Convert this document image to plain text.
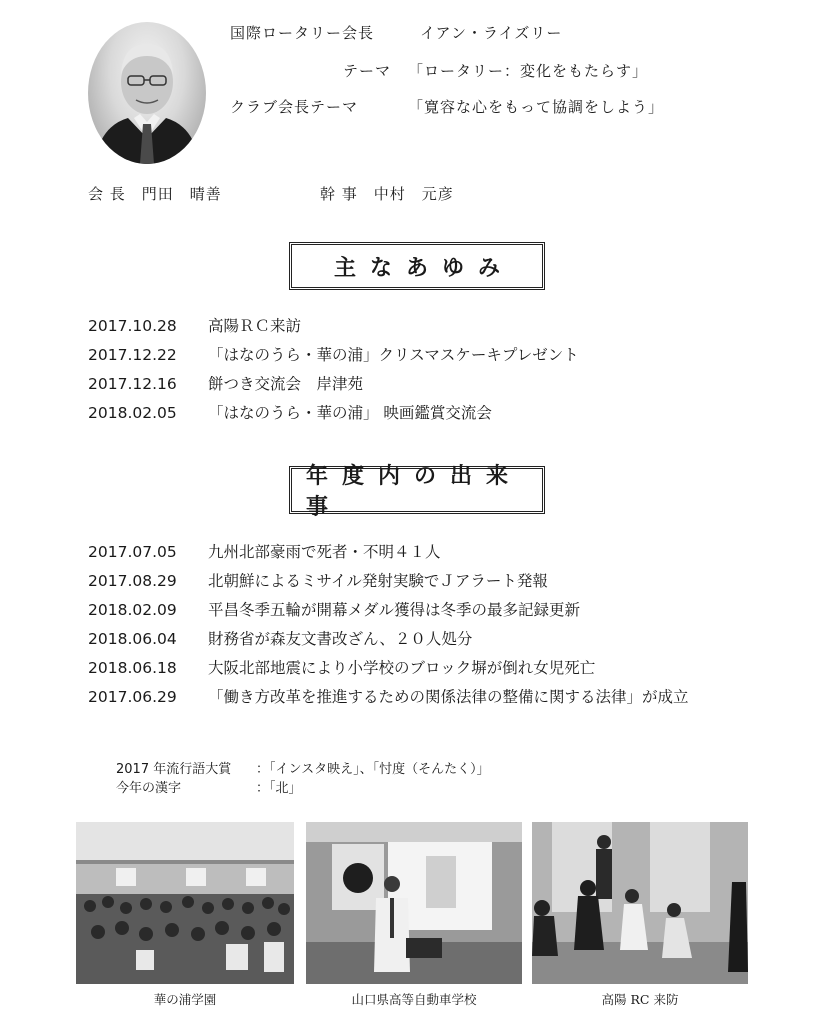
国際ロータリー会長	イアン・ライズリー
テーマ 「ロータリー：変化をもたらす」
クラブ会長テーマ	「寛容な心をもって協調をしよう」
会 長　門田　晴善	幹 事　中村　元彦
主なあゆみ
2017.10.28 高陽ＲＣ来訪
2017.12.22 「はなのうら・華の浦」クリスマスケーキプレゼント
2017.12.16 餅つき交流会　岸津苑
2018.02.05 「はなのうら・華の浦」 映画鑑賞交流会
年度内の出来事
2017.07.05 九州北部豪雨で死者・不明４１人
2017.08.29 北朝鮮によるミサイル発射実験でＪアラート発報
2018.02.09 平昌冬季五輪が開幕メダル獲得は冬季の最多記録更新
2018.06.04 財務省が森友文書改ざん、２０人処分
2018.06.18 大阪北部地震により小学校のブロック塀が倒れ女児死亡
2017.06.29 「働き方改革を推進するための関係法律の整備に関する法律」が成立
2017 年流行語大賞 ：「インスタ映え」、「忖度（そんたく）」
今年の漢字	：「北」
華の浦学園	山口県高等自動車学校	高陽 RC 来防
